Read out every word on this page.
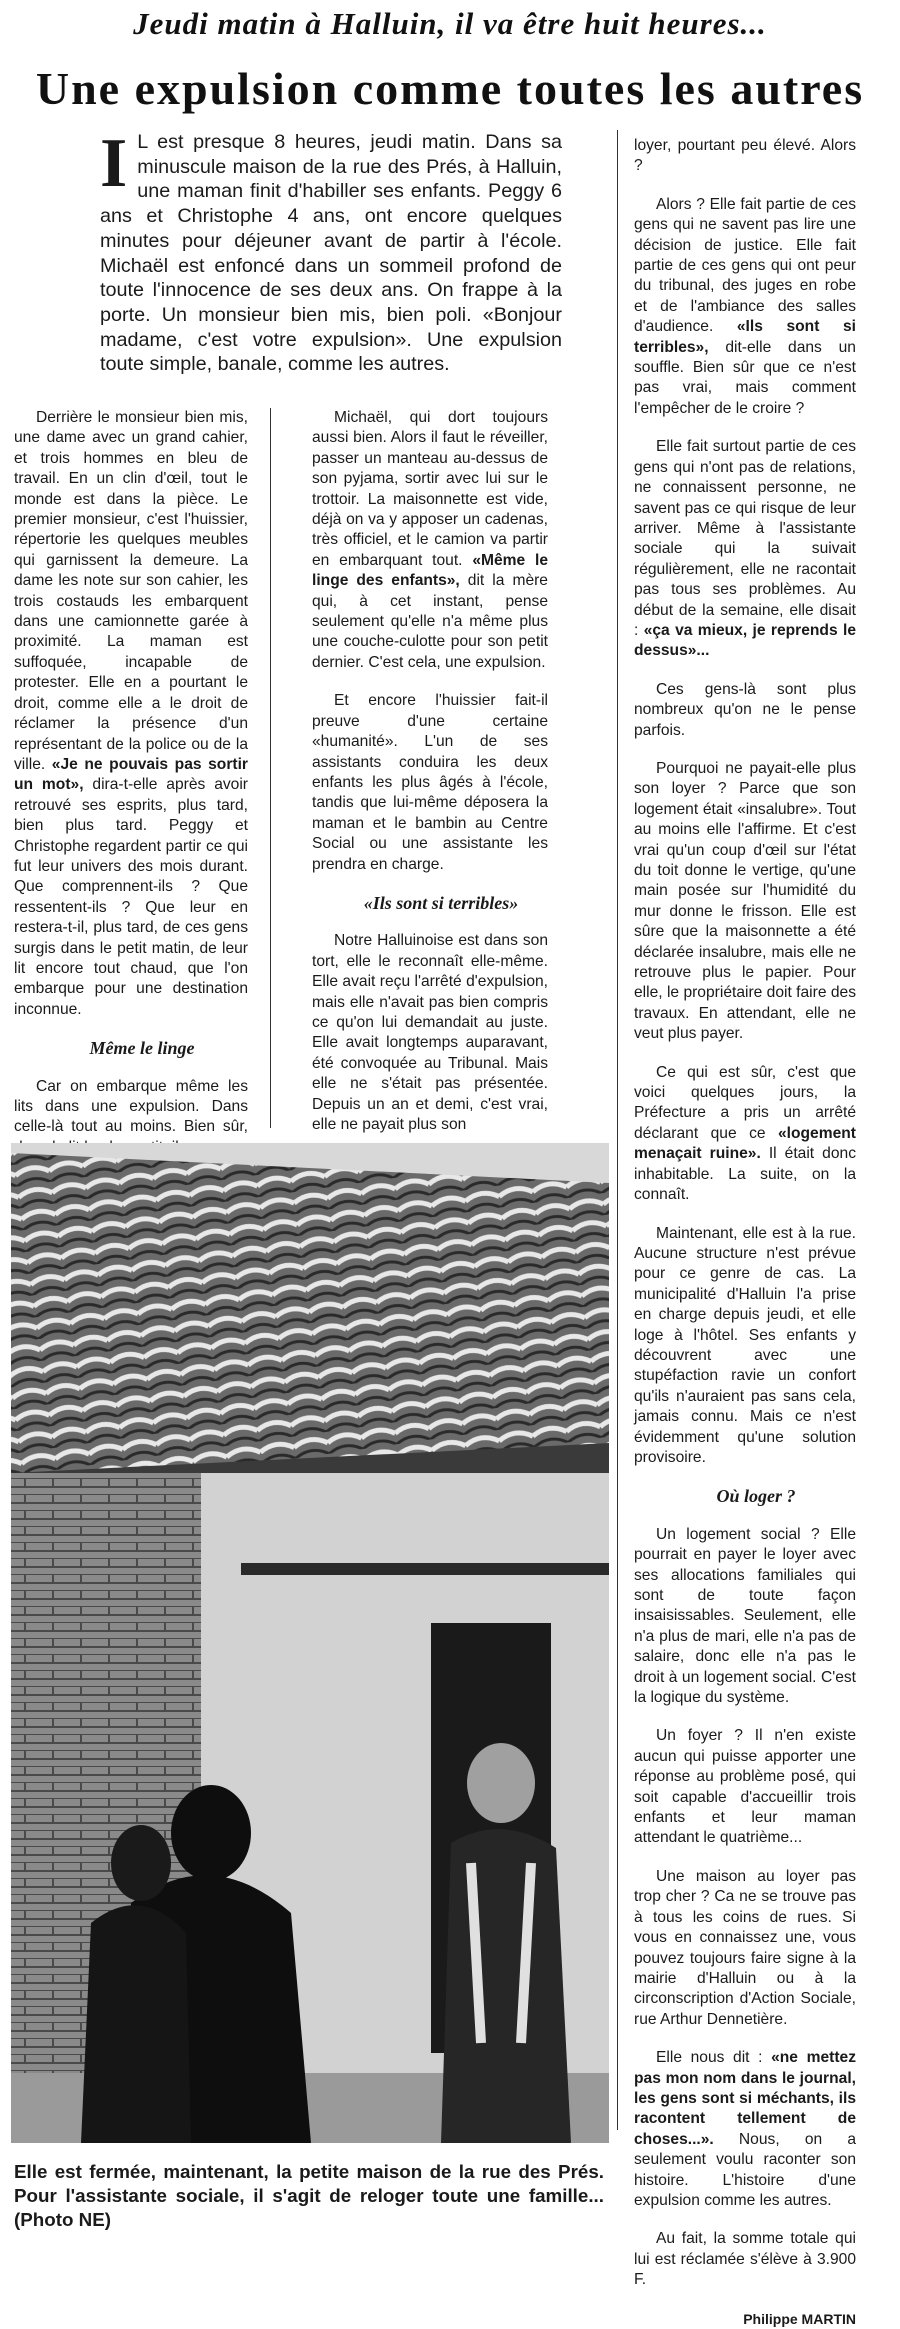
Jeudi matin à Halluin, il va être huit heures...
Une expulsion comme toutes les autres
I L est presque 8 heures, jeudi matin. Dans sa minuscule maison de la rue des Prés, à Halluin, une maman finit d'habiller ses enfants. Peggy 6 ans et Christophe 4 ans, ont encore quelques minutes pour déjeuner avant de partir à l'école. Michaël est enfoncé dans un sommeil profond de toute l'innocence de ses deux ans. On frappe à la porte. Un monsieur bien mis, bien poli. «Bonjour madame, c'est votre expulsion». Une expulsion toute simple, banale, comme les autres.

Derrière le monsieur bien mis, une dame avec un grand cahier, et trois hommes en bleu de travail. En un clin d'œil, tout le monde est dans la pièce. Le premier monsieur, c'est l'huissier, répertorie les quelques meubles qui garnissent la demeure. La dame les note sur son cahier, les trois costauds les embarquent dans une camionnette garée à proximité. La maman est suffoquée, incapable de protester. Elle en a pourtant le droit, comme elle a le droit de réclamer la présence d'un représentant de la police ou de la ville. «Je ne pouvais pas sortir un mot», dira-t-elle après avoir retrouvé ses esprits, plus tard, bien plus tard. Peggy et Christophe regardent partir ce qui fut leur univers des mois durant. Que comprennent-ils ? Que ressentent-ils ? Que leur en restera-t-il, plus tard, de ces gens surgis dans le petit matin, de leur lit encore tout chaud, que l'on embarque pour une destination inconnue.

Même le linge

Car on embarque même les lits dans une expulsion. Dans celle-là tout au moins. Bien sûr,

Michaël, qui dort toujours aussi bien. Alors il faut le réveiller, passer un manteau au-dessus de son pyjama, sortir avec lui sur le trottoir. La maisonnette est vide, déjà on va y apposer un cadenas, très officiel, et le camion va partir en embarquant tout. «Même le linge des enfants», dit la mère qui, à cet instant, pense seulement qu'elle n'a même plus une couche-culotte pour son petit dernier. C'est cela, une expulsion.

Et encore l'huissier fait-il preuve d'une certaine «humanité». L'un de ses assistants conduira les deux enfants les plus âgés à l'école, tandis que lui-même déposera la maman et le bambin au Centre Social ou une assistante les prendra en charge.

«Ils sont si terribles»

Notre Halluinoise est dans son tort, elle le reconnaît elle-même. Elle avait reçu l'arrêté d'expulsion, mais elle n'avait pas bien compris ce qu'on lui demandait au juste. Elle avait longtemps auparavant, été convoquée au Tribunal. Mais elle ne s'était pas présentée. Depuis un an et demi, c'est vrai, elle ne payait plus son

loyer, pourtant peu élevé. Alors ?

Alors ? Elle fait partie de ces gens qui ne savent pas lire une décision de justice. Elle fait partie de ces gens qui ont peur du tribunal, des juges en robe et de l'ambiance des salles d'audience. «Ils sont si terribles», dit-elle dans un souffle. Bien sûr que ce n'est pas vrai, mais comment l'empêcher de le croire ?

Elle fait surtout partie de ces gens qui n'ont pas de relations, ne connaissent personne, ne savent pas ce qui risque de leur arriver. Même à l'assistante sociale qui la suivait régulièrement, elle ne racontait pas tous ses problèmes. Au début de la semaine, elle disait : «ça va mieux, je reprends le dessus»...

Ces gens-là sont plus nombreux qu'on ne le pense parfois.

Pourquoi ne payait-elle plus son loyer ? Parce que son logement était «insalubre». Tout au moins elle l'affirme. Et c'est vrai qu'un coup d'œil sur l'état du toit donne le vertige, qu'une main posée sur l'humidité du mur donne le frisson. Elle est sûre que la maisonnette a été déclarée insalubre, mais elle ne retrouve plus le papier. Pour elle, le propriétaire doit faire des travaux. En attendant, elle ne veut plus payer.

Ce qui est sûr, c'est que voici quelques jours, la Préfecture a pris un arrêté déclarant que ce «logement menaçait ruine». Il était donc inhabitable. La suite, on la connaît.

Maintenant, elle est à la rue. Aucune structure n'est prévue pour ce genre de cas. La municipalité d'Halluin l'a prise en charge depuis jeudi, et elle loge à l'hôtel. Ses enfants y découvrent avec une stupéfaction ravie un confort qu'ils n'auraient pas sans cela, jamais connu. Mais ce n'est évidemment qu'une solution provisoire.

Où loger ?

Un logement social ? Elle pourrait en payer le loyer avec ses allocations familiales qui sont de toute façon insaisissables. Seulement, elle n'a plus de mari, elle n'a pas de salaire, donc elle n'a pas le droit à un logement social. C'est la logique du système.

Un foyer ? Il n'en existe aucun qui puisse apporter une réponse au problème posé, qui soit capable d'accueillir trois enfants et leur maman attendant le quatrième...

Une maison au loyer pas trop cher ? Ca ne se trouve pas à tous les coins de rues. Si vous en connaissez une, vous pouvez toujours faire signe à la mairie d'Halluin ou à la circonscription d'Action Sociale, rue Arthur Dennetière.

Elle nous dit : «ne mettez pas mon nom dans le journal, les gens sont si méchants, ils racontent tellement de choses...». Nous, on a seulement voulu raconter son histoire. L'histoire d'une expulsion comme les autres.

Au fait, la somme totale qui lui est réclamée s'élève à 3.900 F.

Philippe MARTIN
Elle est fermée, maintenant, la petite maison de la rue des Prés. Pour l'assistante sociale, il s'agit de reloger toute une famille... (Photo NE)
